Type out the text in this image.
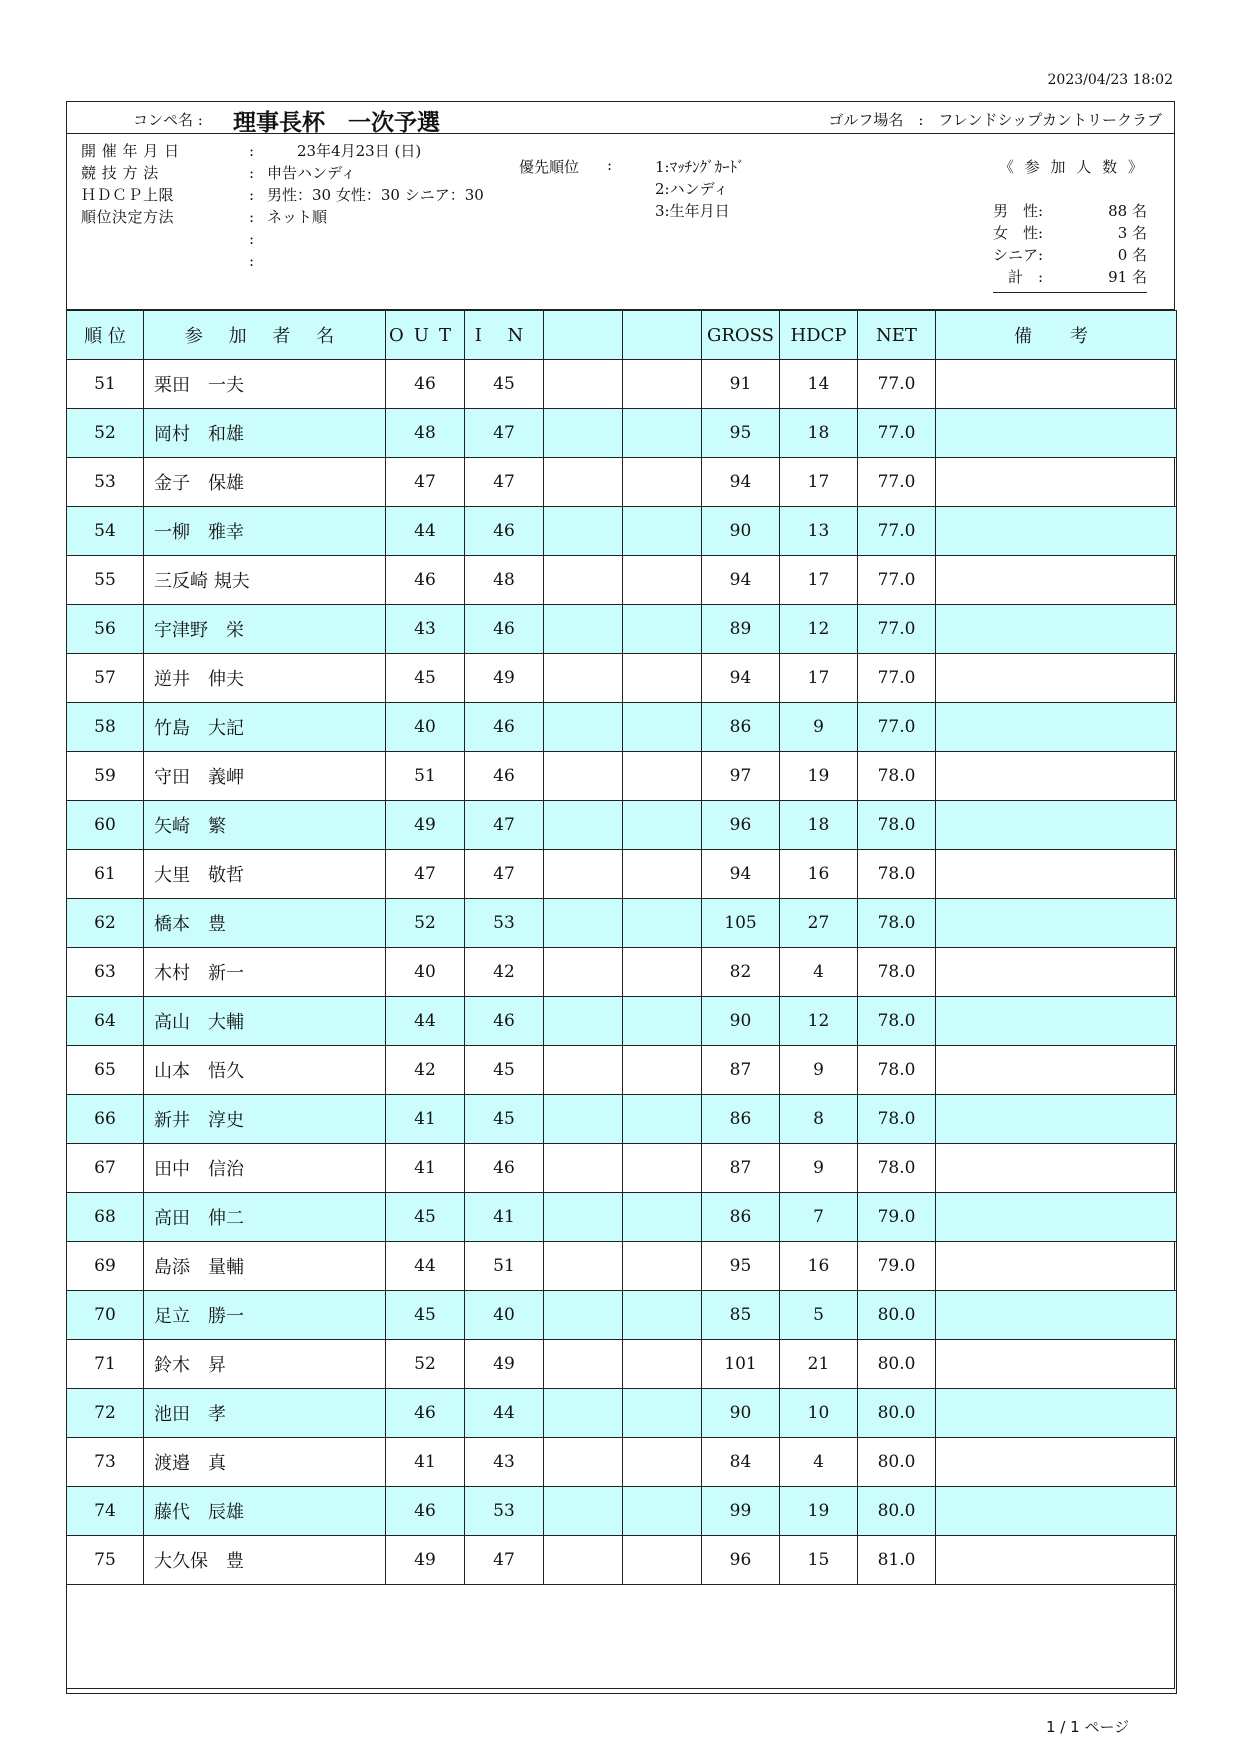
2023/04/23 18:02
コンペ名 : 理事長杯　一次予選	ゴルフ場名　:　フレンドシップカントリークラブ
開 催 年 月 日	: 　　23年4月23日 (日)
競 技 方 法	: 申告ハンディ
ＨＤＣＰ上限	: 男性：30 女性：30 シニア：30
順位決定方法	: ネット順
:
:
優先順位 :	1:ﾏｯﾁﾝｸﾞｶｰﾄﾞ
2:ハンディ
3:生年月日
《 参 加 人 数 》
男　性:	88 名
女　性:	3 名
シニア:	0 名
　計　:	91 名
順 位	参 加 者 名	OUT	I N			GROSS	HDCP	NET	備　考
51	栗田　一夫	46	45			91	14	77.0	
52	岡村　和雄	48	47			95	18	77.0	
53	金子　保雄	47	47			94	17	77.0	
54	一柳　雅幸	44	46			90	13	77.0	
55	三反崎 規夫	46	48			94	17	77.0	
56	宇津野　栄	43	46			89	12	77.0	
57	逆井　伸夫	45	49			94	17	77.0	
58	竹島　大記	40	46			86	9	77.0	
59	守田　義岬	51	46			97	19	78.0	
60	矢崎　繁	49	47			96	18	78.0	
61	大里　敬哲	47	47			94	16	78.0	
62	橋本　豊	52	53			105	27	78.0	
63	木村　新一	40	42			82	4	78.0	
64	高山　大輔	44	46			90	12	78.0	
65	山本　悟久	42	45			87	9	78.0	
66	新井　淳史	41	45			86	8	78.0	
67	田中　信治	41	46			87	9	78.0	
68	高田　伸二	45	41			86	7	79.0	
69	島添　量輔	44	51			95	16	79.0	
70	足立　勝一	45	40			85	5	80.0	
71	鈴木　昇	52	49			101	21	80.0	
72	池田　孝	46	44			90	10	80.0	
73	渡邉　真	41	43			84	4	80.0	
74	藤代　辰雄	46	53			99	19	80.0	
75	大久保　豊	49	47			96	15	81.0	

1 / 1 ページ
